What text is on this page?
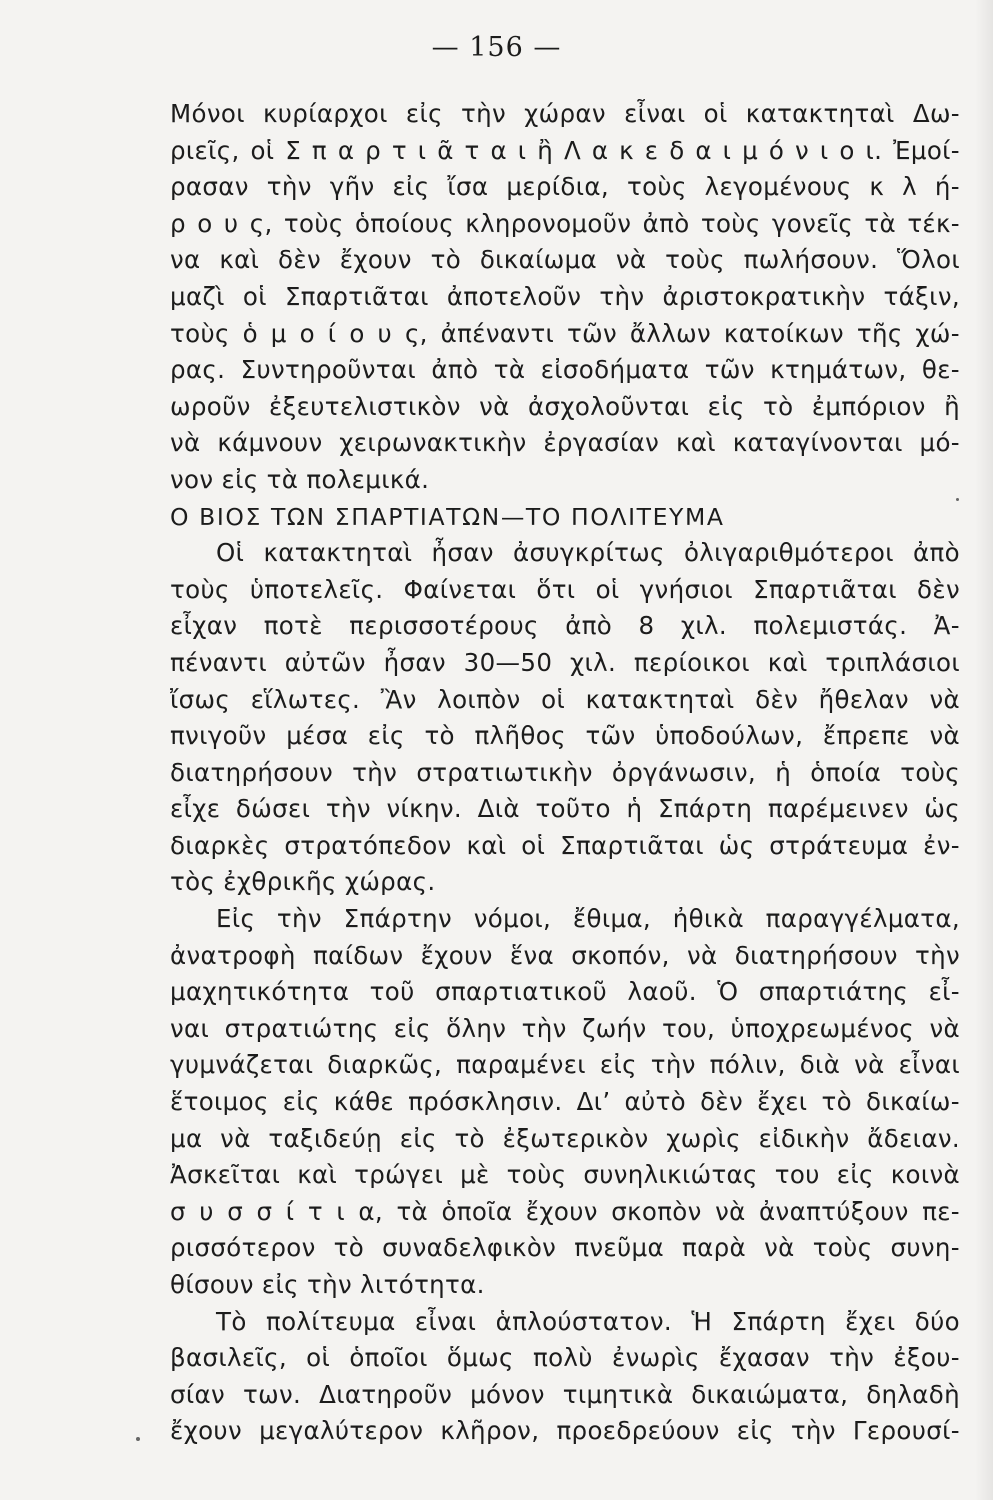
— 156 —
Μόνοι κυρίαρχοι εἰς τὴν χώραν εἶναι οἱ κατακτηταὶ Δω-
ριεῖς, οἱ Σ π α ρ τ ι ᾶ τ α ι ἢ Λ α κ ε δ α ι μ ό ν ι ο ι. Ἐμοί-
ρασαν τὴν γῆν εἰς ἴσα μερίδια, τοὺς λεγομένους κ λ ή-
ρ ο υ ς, τοὺς ὁποίους κληρονομοῦν ἀπὸ τοὺς γονεῖς τὰ τέκ-
να καὶ δὲν ἔχουν τὸ δικαίωμα νὰ τοὺς πωλήσουν. Ὅλοι
μαζὶ οἱ Σπαρτιᾶται ἀποτελοῦν τὴν ἀριστοκρατικὴν τάξιν,
τοὺς ὁ μ ο ί ο υ ς, ἀπέναντι τῶν ἄλλων κατοίκων τῆς χώ-
ρας. Συντηροῦνται ἀπὸ τὰ εἰσοδήματα τῶν κτημάτων, θε-
ωροῦν ἐξευτελιστικὸν νὰ ἀσχολοῦνται εἰς τὸ ἐμπόριον ἢ
νὰ κάμνουν χειρωνακτικὴν ἐργασίαν καὶ καταγίνονται μό-
νον εἰς τὰ πολεμικά.
Ο ΒΙΟΣ ΤΩΝ ΣΠΑΡΤΙΑΤΩΝ—ΤΟ ΠΟΛΙΤΕΥΜΑ
Οἱ κατακτηταὶ ἦσαν ἀσυγκρίτως ὀλιγαριθμότεροι ἀπὸ
τοὺς ὑποτελεῖς. Φαίνεται ὅτι οἱ γνήσιοι Σπαρτιᾶται δὲν
εἶχαν ποτὲ περισσοτέρους ἀπὸ 8 χιλ. πολεμιστάς. Ἀ-
πέναντι αὐτῶν ἦσαν 30—50 χιλ. περίοικοι καὶ τριπλάσιοι
ἴσως εἵλωτες. Ἂν λοιπὸν οἱ κατακτηταὶ δὲν ἤθελαν νὰ
πνιγοῦν μέσα εἰς τὸ πλῆθος τῶν ὑποδούλων, ἔπρεπε νὰ
διατηρήσουν τὴν στρατιωτικὴν ὀργάνωσιν, ἡ ὁποία τοὺς
εἶχε δώσει τὴν νίκην. Διὰ τοῦτο ἡ Σπάρτη παρέμεινεν ὡς
διαρκὲς στρατόπεδον καὶ οἱ Σπαρτιᾶται ὡς στράτευμα ἐν-
τὸς ἐχθρικῆς χώρας.
Εἰς τὴν Σπάρτην νόμοι, ἔθιμα, ἠθικὰ παραγγέλματα,
ἀνατροφὴ παίδων ἔχουν ἕνα σκοπόν, νὰ διατηρήσουν τὴν
μαχητικότητα τοῦ σπαρτιατικοῦ λαοῦ. Ὁ σπαρτιάτης εἶ-
ναι στρατιώτης εἰς ὅλην τὴν ζωήν του, ὑποχρεωμένος νὰ
γυμνάζεται διαρκῶς, παραμένει εἰς τὴν πόλιν, διὰ νὰ εἶναι
ἕτοιμος εἰς κάθε πρόσκλησιν. Δι’ αὐτὸ δὲν ἔχει τὸ δικαίω-
μα νὰ ταξιδεύῃ εἰς τὸ ἐξωτερικὸν χωρὶς εἰδικὴν ἄδειαν.
Ἀσκεῖται καὶ τρώγει μὲ τοὺς συνηλικιώτας του εἰς κοινὰ
σ υ σ σ ί τ ι α, τὰ ὁποῖα ἔχουν σκοπὸν νὰ ἀναπτύξουν πε-
ρισσότερον τὸ συναδελφικὸν πνεῦμα παρὰ νὰ τοὺς συνη-
θίσουν εἰς τὴν λιτότητα.
Τὸ πολίτευμα εἶναι ἁπλούστατον. Ἡ Σπάρτη ἔχει δύο
βασιλεῖς, οἱ ὁποῖοι ὅμως πολὺ ἐνωρὶς ἔχασαν τὴν ἐξου-
σίαν των. Διατηροῦν μόνον τιμητικὰ δικαιώματα, δηλαδὴ
ἔχουν μεγαλύτερον κλῆρον, προεδρεύουν εἰς τὴν Γερουσί-
